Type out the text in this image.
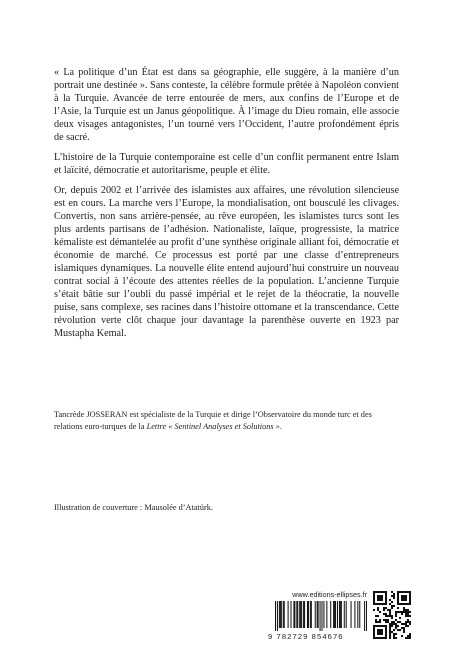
« La politique d’un État est dans sa géographie, elle suggère, à la manière d’un portrait une destinée ». Sans conteste, la célèbre formule prêtée à Napoléon convient à la Turquie. Avancée de terre entourée de mers, aux confins de l’Europe et de l’Asie, la Turquie est un Janus géopolitique. À l’image du Dieu romain, elle associe deux visages antagonistes, l’un tourné vers l’Occident, l’autre profondément épris de sacré.

L’histoire de la Turquie contemporaine est celle d’un conflit permanent entre Islam et laïcité, démocratie et autoritarisme, peuple et élite.

Or, depuis 2002 et l’arrivée des islamistes aux affaires, une révolution silencieuse est en cours. La marche vers l’Europe, la mondialisation, ont bousculé les clivages. Convertis, non sans arrière-pensée, au rêve européen, les islamistes turcs sont les plus ardents partisans de l’adhésion. Nationaliste, laïque, progressiste, la matrice kémaliste est démantelée au profit d’une synthèse originale alliant foi, démocratie et économie de marché. Ce processus est porté par une classe d’entrepreneurs islamiques dynamiques. La nouvelle élite entend aujourd’hui construire un nouveau contrat social à l’écoute des attentes réelles de la population. L’ancienne Turquie s’était bâtie sur l’oubli du passé impérial et le rejet de la théocratie, la nouvelle puise, sans complexe, ses racines dans l’histoire ottomane et la transcendance. Cette révolution verte clôt chaque jour davantage la parenthèse ouverte en 1923 par Mustapha Kemal.

Tancrède JOSSERAN est spécialiste de la Turquie et dirige l’Observatoire du monde turc et des relations euro-turques de la Lettre « Sentinel Analyses et Solutions ».
Illustration de couverture : Mausolée d’Atatürk.
www.editions-ellipses.fr
9 782729 854676
